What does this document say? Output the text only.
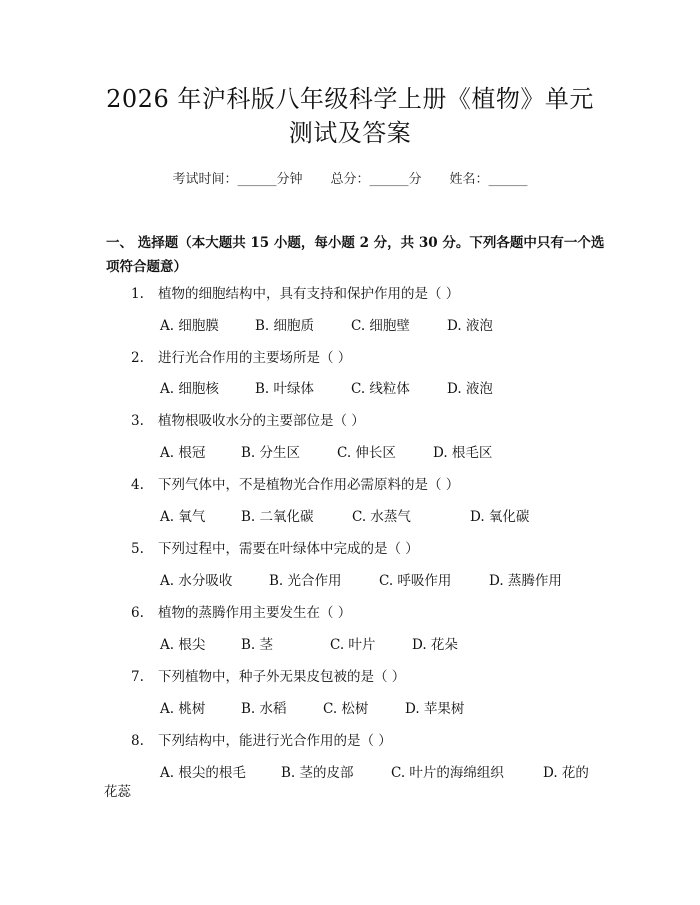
2026 年沪科版八年级科学上册《植物》单元
测试及答案
考试时间：______分钟 总分：______分 姓名：______
一、 选择题（本大题共 15 小题，每小题 2 分，共 30 分。下列各题中只有一个选项符合题意）
1. 植物的细胞结构中，具有支持和保护作用的是（ ）
A. 细胞膜	B. 细胞质	C. 细胞壁	D. 液泡
2. 进行光合作用的主要场所是（ ）
A. 细胞核	B. 叶绿体	C. 线粒体	D. 液泡
3. 植物根吸收水分的主要部位是（ ）
A. 根冠	B. 分生区	C. 伸长区	D. 根毛区
4. 下列气体中，不是植物光合作用必需原料的是（ ）
A. 氧气	B. 二氧化碳	C. 水蒸气	D. 氧化碳
5. 下列过程中，需要在叶绿体中完成的是（ ）
A. 水分吸收	B. 光合作用	C. 呼吸作用	D. 蒸腾作用
6. 植物的蒸腾作用主要发生在（ ）
A. 根尖	B. 茎	C. 叶片	D. 花朵
7. 下列植物中，种子外无果皮包被的是（ ）
A. 桃树	B. 水稻	C. 松树	D. 苹果树
8. 下列结构中，能进行光合作用的是（ ）
A. 根尖的根毛	B. 茎的皮部	C. 叶片的海绵组织	D. 花的
花蕊
